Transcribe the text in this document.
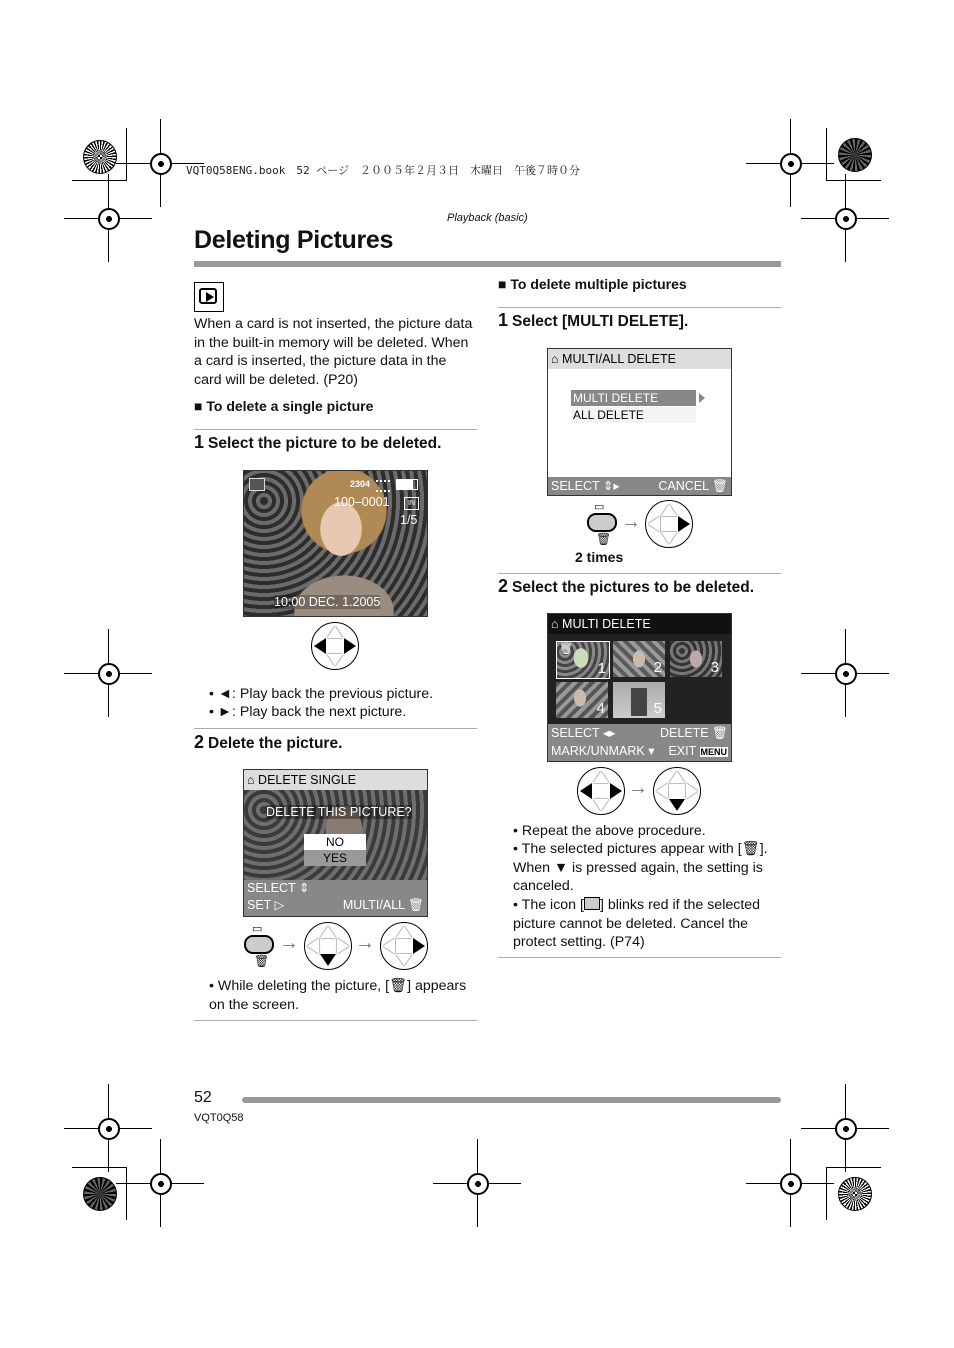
VQT0Q58ENG.book　52 ページ　２００５年２月３日　木曜日　午後７時０分
Playback (basic)
Deleting Pictures
When a card is not inserted, the picture data in the built-in memory will be deleted. When a card is inserted, the picture data in the card will be deleted. (P20)
■ To delete a single picture
1 Select the picture to be deleted.
2304
100–0001	IN
1/5
10:00 DEC. 1.2005
• ◄: Play back the previous picture.
• ►: Play back the next picture.
2 Delete the picture.
⌂ DELETE SINGLE
DELETE THIS PICTURE?
NO
YES
SELECT ⇕
SET ▷	MULTI/ALL 🗑
▭
🗑
→	→
• While deleting the picture, [🗑] appears on the screen.
■ To delete multiple pictures
1 Select [MULTI DELETE].
⌂ MULTI/ALL DELETE
MULTI DELETE
ALL DELETE
SELECT ⇕▸	CANCEL 🗑
▭
🗑
→
2 times
2 Select the pictures to be deleted.
⌂ MULTI DELETE
🗑
1	2	3
4	5
SELECT ◂▸	DELETE 🗑
MARK/UNMARK ▾ EXIT MENU
→
• Repeat the above procedure.
• The selected pictures appear with [🗑]. When ▼ is pressed again, the setting is canceled.
• The icon [ ] blinks red if the selected picture cannot be deleted. Cancel the protect setting. (P74)
52
VQT0Q58
